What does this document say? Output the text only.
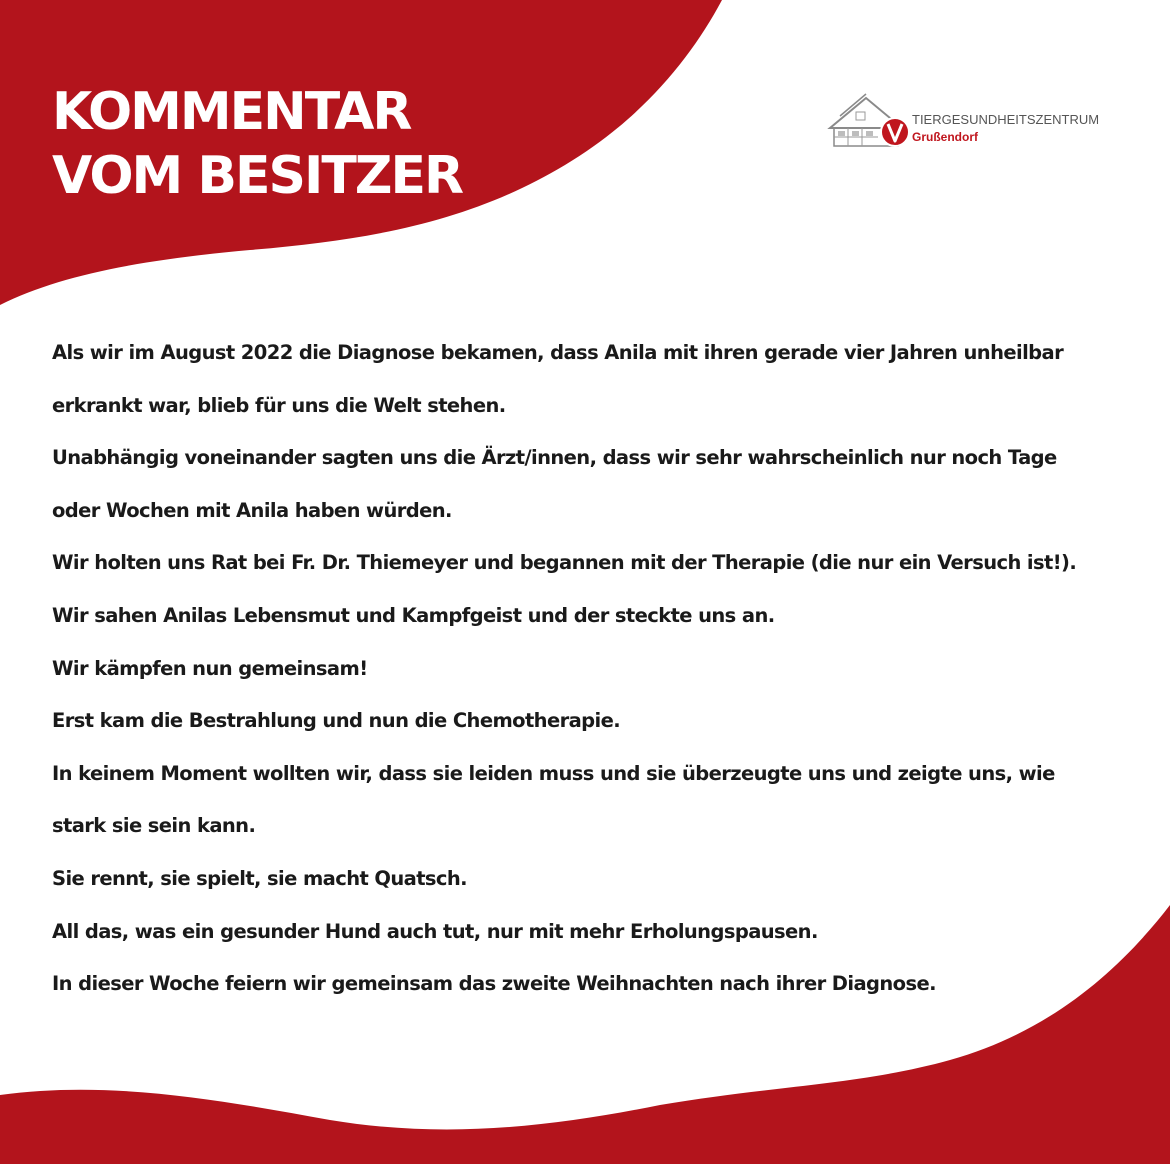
KOMMENTAR
VOM BESITZER
TIERGESUNDHEITSZENTRUM
Grußendorf

Als wir im August 2022 die Diagnose bekamen, dass Anila mit ihren gerade vier Jahren unheilbar

erkrankt war, blieb für uns die Welt stehen.

Unabhängig voneinander sagten uns die Ärzt/innen, dass wir sehr wahrscheinlich nur noch Tage

oder Wochen mit Anila haben würden.

Wir holten uns Rat bei Fr. Dr. Thiemeyer und begannen mit der Therapie (die nur ein Versuch ist!).

Wir sahen Anilas Lebensmut und Kampfgeist und der steckte uns an.

Wir kämpfen nun gemeinsam!

Erst kam die Bestrahlung und nun die Chemotherapie.

In keinem Moment wollten wir, dass sie leiden muss und sie überzeugte uns und zeigte uns, wie

stark sie sein kann.

Sie rennt, sie spielt, sie macht Quatsch.

All das, was ein gesunder Hund auch tut, nur mit mehr Erholungspausen.

In dieser Woche feiern wir gemeinsam das zweite Weihnachten nach ihrer Diagnose.
